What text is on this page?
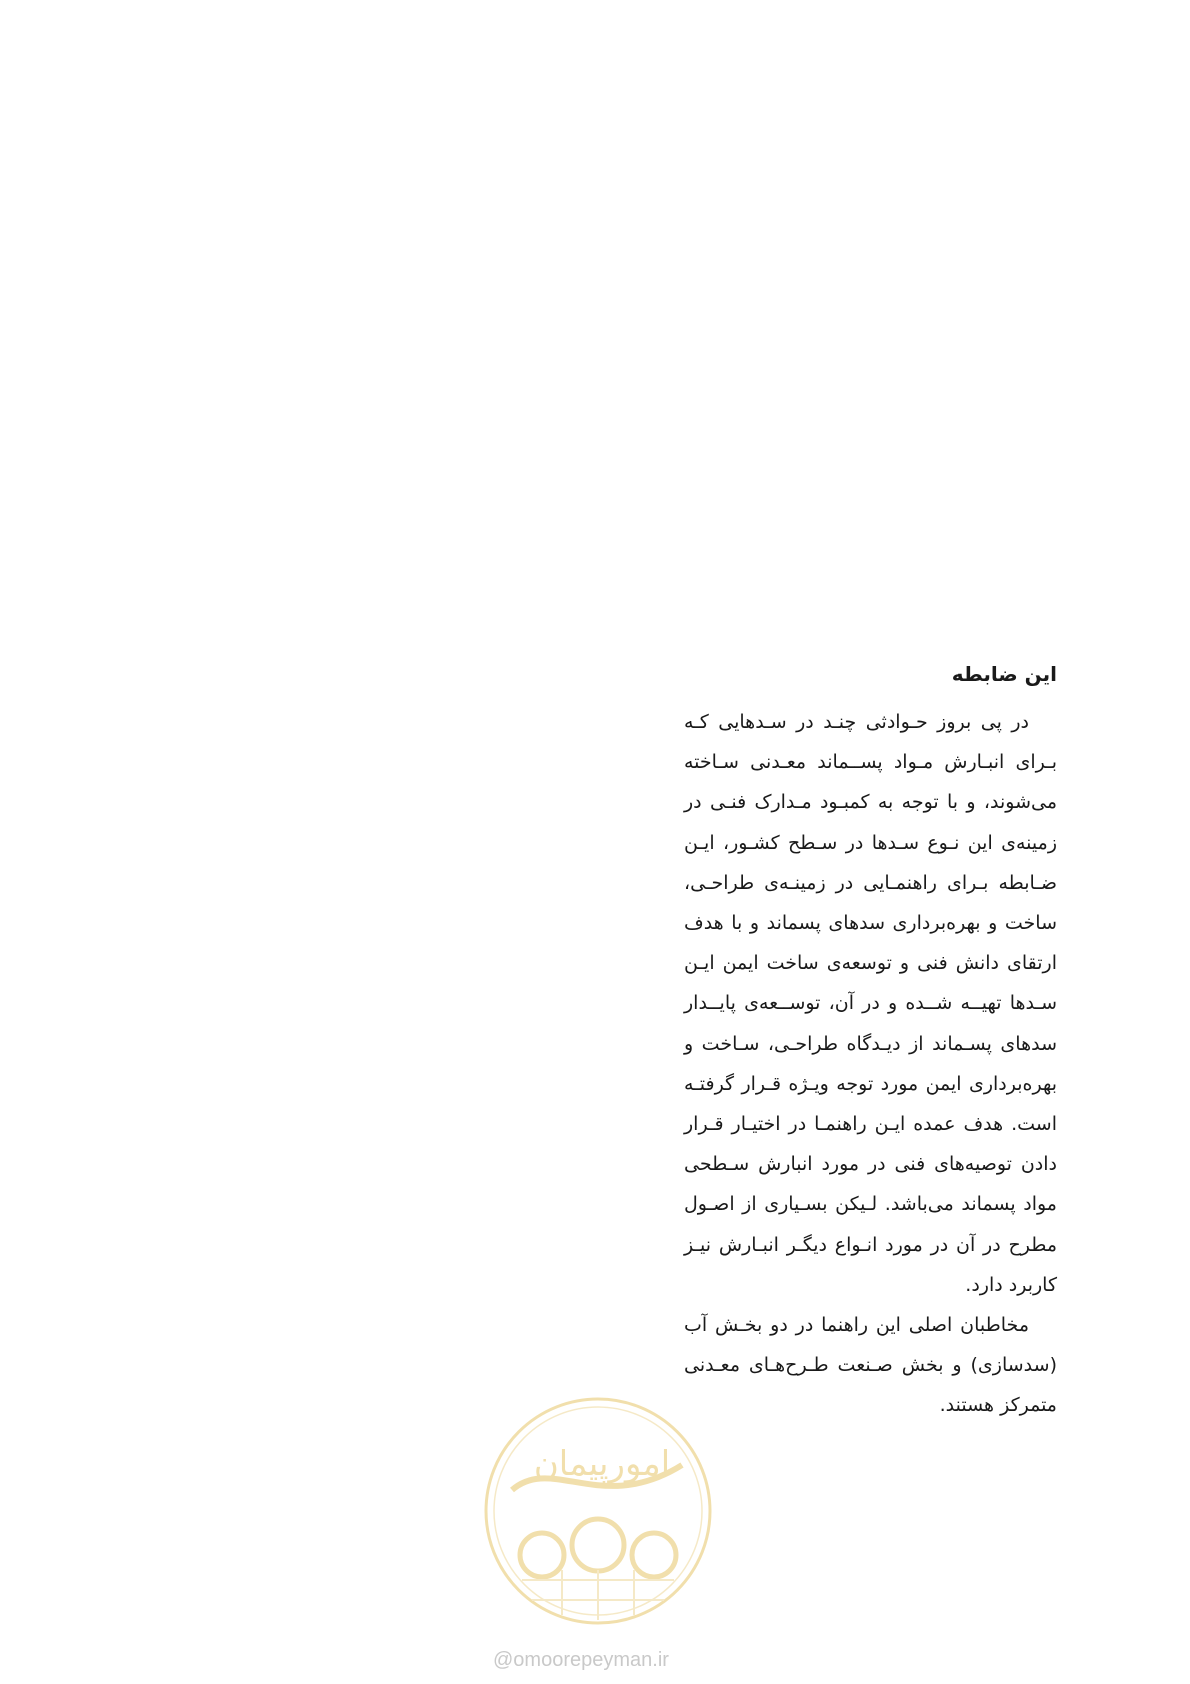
این ضابطه

در پی بروز حـوادثی چنـد در سـدهایی کـه بـرای انبـارش مـواد پســماند معـدنی سـاخته می‌شوند، و با توجه به کمبـود مـدارک فنـی در زمینه‌ی این نـوع سـدها در سـطح کشـور، ایـن ضـابطه بـرای راهنمـایی در زمینـه‌ی طراحـی، ساخت و بهره‌برداری سدهای پسماند و با هدف ارتقای دانش فنی و توسعه‌ی ساخت ایمن ایـن سـدها تهیــه شــده و در آن، توســعه‌ی پایــدار سدهای پسـماند از دیـدگاه طراحـی، سـاخت و بهره‌برداری ایمن مورد توجه ویـژه قـرار گرفتـه است. هدف عمده ایـن راهنمـا در اختیـار قـرار دادن توصیه‌های فنی در مورد انبارش سـطحی مواد پسماند می‌باشد. لـیکن بسـیاری از اصـول مطرح در آن در مورد انـواع دیگـر انبـارش نیـز کاربرد دارد.

مخاطبان اصلی این راهنما در دو بخـش آب (سدسازی) و بخش صـنعت طـرح‌هـای معـدنی متمرکز هستند.

امورپیمان
@omoorepeyman.ir
